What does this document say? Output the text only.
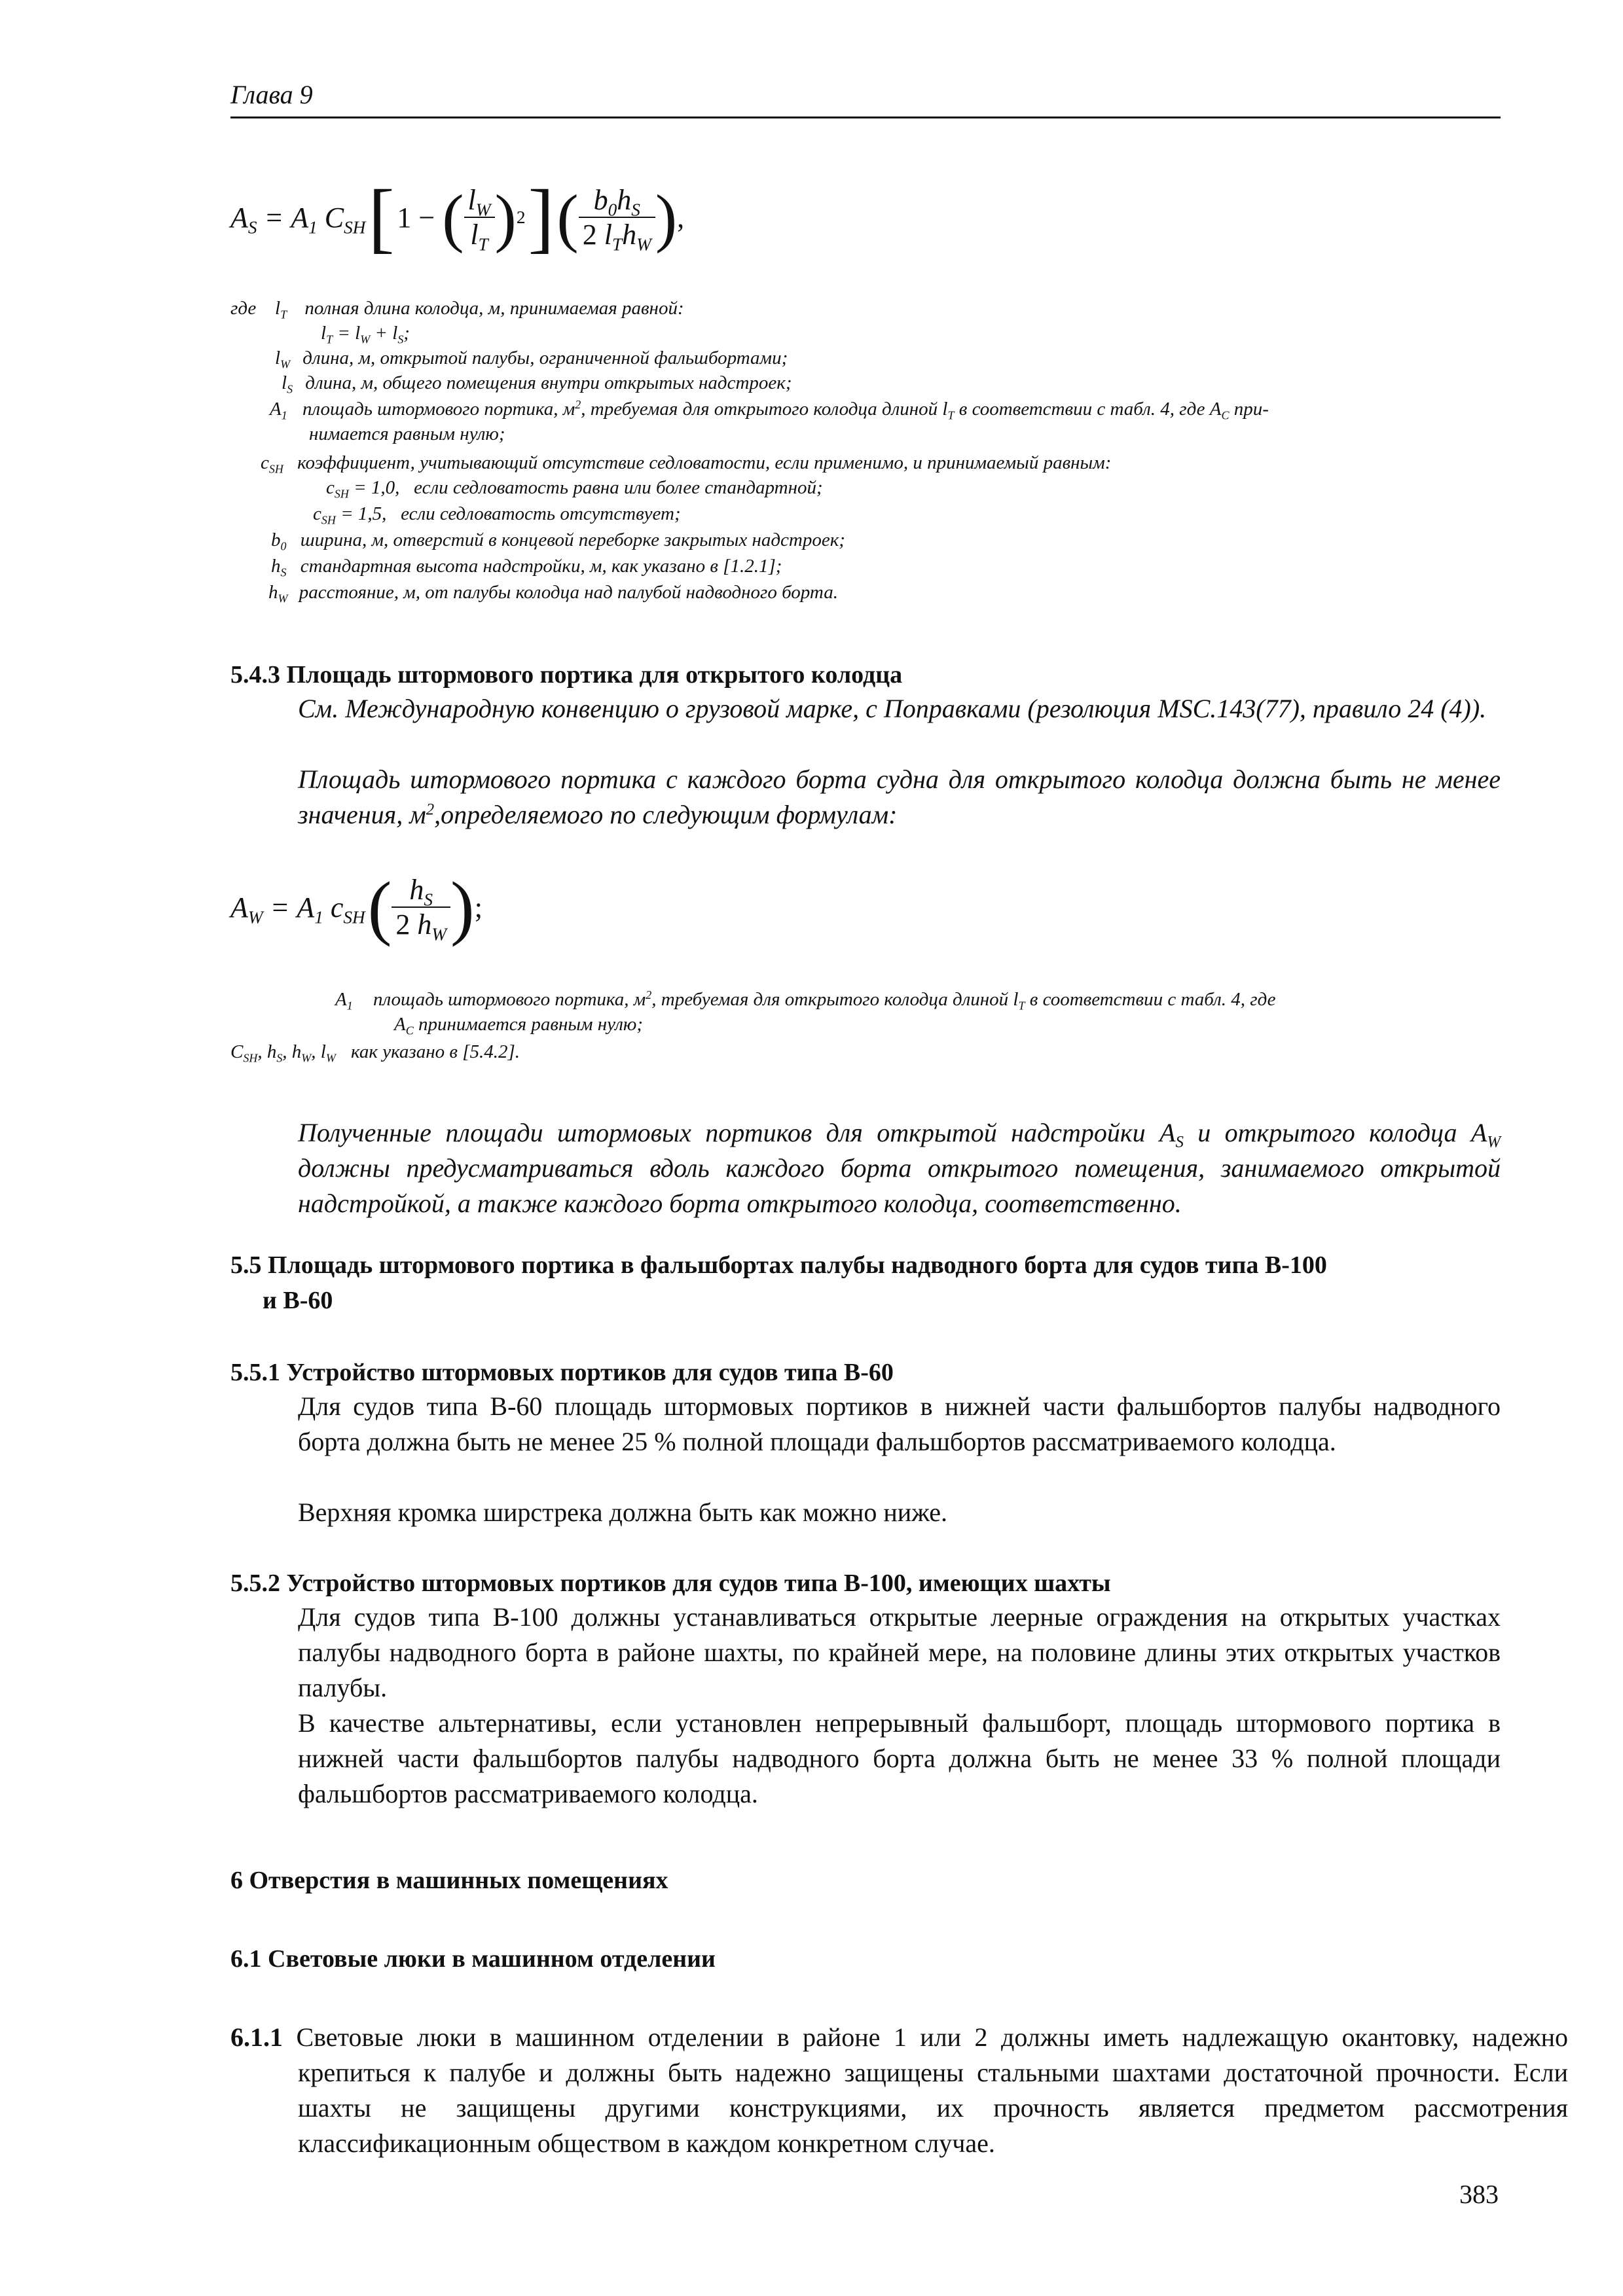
Глава 9
$A_S = A_1$ $C_{SH}$ [ 1 − ( $\frac{l_W}{l_T}$ ) 2 ] ( $\frac{b_0h_S}{2 l_Th_W}$ ) ,
где $l_T$ полная длина колодца, м, принимаемая равной:
$l_T = l_W + l_S$;
$l_W$ длина, м, открытой палубы, ограниченной фальшбортами;
$l_S$ длина, м, общего помещения внутри открытых надстроек;
$A_1$ площадь штормового портика, $м^2$, требуемая для открытого колодца длиной $l_T$ в соответствии с табл. 4, где $A_C$ при-
нимается равным нулю;
$c_{SH}$ коэффициент, учитывающий отсутствие седловатости, если применимо, и принимаемый равным:
$c_{SH} = 1,0$,   если седловатость равна или более стандартной;
$c_{SH} = 1,5$,   если седловатость отсутствует;
$b_0$ ширина, м, отверстий в концевой переборке закрытых надстроек;
$h_S$ стандартная высота надстройки, м, как указано в [1.2.1];
$h_W$ расстояние, м, от палубы колодца над палубой надводного борта.
5.4.3 Площадь штормового портика для открытого колодца
См. Международную конвенцию о грузовой марке, с Поправками (резолюция MSC.143(77), правило 24 (4)).
Площадь штормового портика с каждого борта судна для открытого колодца должна быть не менее значения, $м^2,определяемого$ по следующим формулам:
$A_W = A_1$ $c_{SH}$ ( $\frac{h_S}{2 h_W}$ ) ;
$A_1$ площадь штормового портика, $м^2$, требуемая для открытого колодца длиной $l_T$ в соответствии с табл. 4, где
$A_C$ принимается равным нулю;
$C_{SH}$, $h_S$, $h_W$, $l_W$ как указано в [5.4.2].
Полученные площади штормовых портиков для открытой надстройки $A_S$ и открытого колодца $A_W$ должны предусматриваться вдоль каждого борта открытого помещения, занимаемого открытой надстройкой, а также каждого борта открытого колодца, соответственно.
5.5 Площадь штормового портика в фальшбортах палубы надводного борта для судов типа B-100
и B-60
5.5.1 Устройство штормовых портиков для судов типа B-60
Для судов типа B-60 площадь штормовых портиков в нижней части фальшбортов палубы надводного борта должна быть не менее 25 % полной площади фальшбортов рассматриваемого колодца.
Верхняя кромка ширстрека должна быть как можно ниже.
5.5.2 Устройство штормовых портиков для судов типа B-100, имеющих шахты
Для судов типа B-100 должны устанавливаться открытые леерные ограждения на открытых участках палубы надводного борта в районе шахты, по крайней мере, на половине длины этих открытых участков палубы.
В качестве альтернативы, если установлен непрерывный фальшборт, площадь штормового портика в нижней части фальшбортов палубы надводного борта должна быть не менее 33 % полной площади фальшбортов рассматриваемого колодца.
6 Отверстия в машинных помещениях
6.1 Световые люки в машинном отделении
6.1.1 Световые люки в машинном отделении в районе 1 или 2 должны иметь надлежащую окантовку, надежно крепиться к палубе и должны быть надежно защищены стальными шахтами достаточной прочности. Если шахты не защищены другими конструкциями, их прочность является предметом рассмотрения классификационным обществом в каждом конкретном случае.
383
